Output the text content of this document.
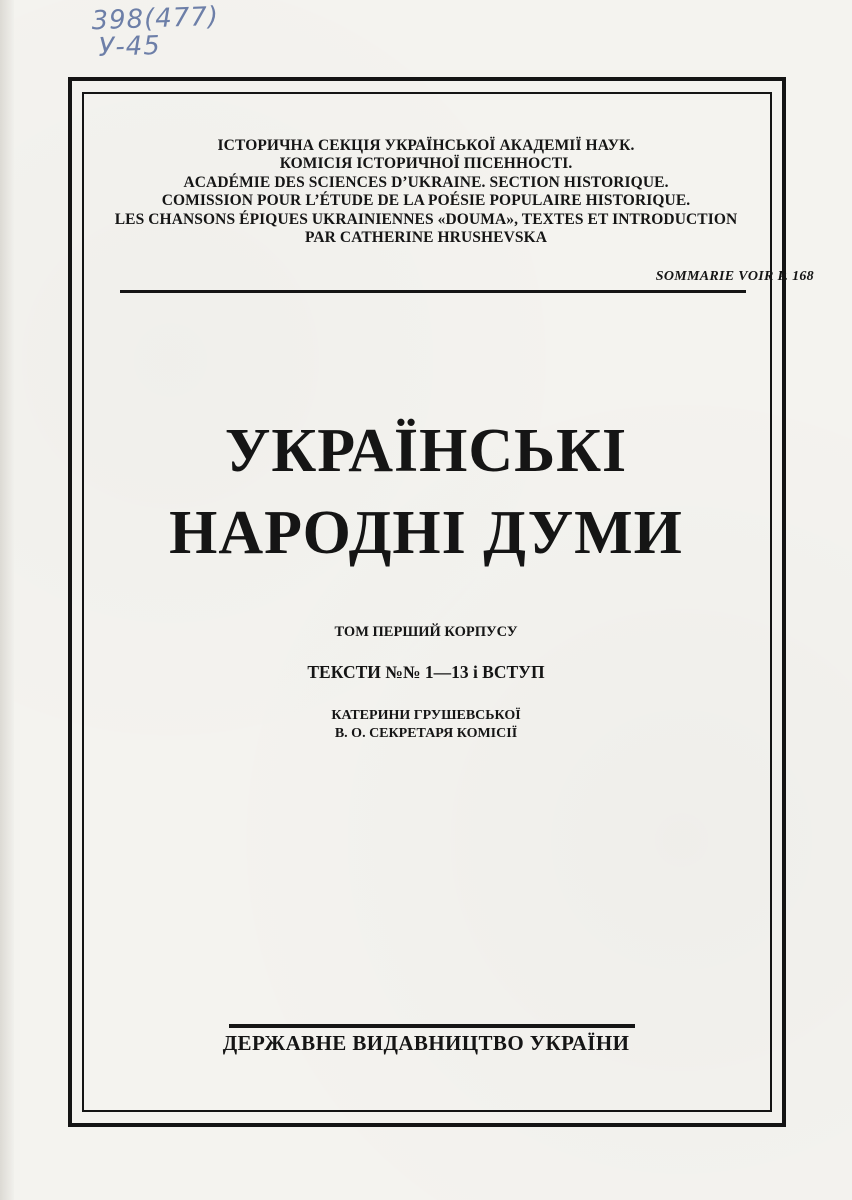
398(477)
У-45
ІСТОРИЧНА СЕКЦІЯ УКРАЇНСЬКОЇ АКАДЕМІЇ НАУК.
КОМІСІЯ ІСТОРИЧНОЇ ПІСЕННОСТІ.
ACADÉMIE DES SCIENCES D’UKRAINE. SECTION HISTORIQUE.
COMISSION POUR L’ÉTUDE DE LA POÉSIE POPULAIRE HISTORIQUE.
LES CHANSONS ÉPIQUES UKRAINIENNES «DOUMA», TEXTES ET INTRODUCTION
PAR CATHERINE HRUSHEVSKA
SOMMARIE VOIR P. 168
УКРАЇНСЬКІ
НАРОДНІ ДУМИ
ТОМ ПЕРШИЙ КОРПУСУ
ТЕКСТИ №№ 1—13 і ВСТУП
КАТЕРИНИ ГРУШЕВСЬКОЇ
В. О. СЕКРЕТАРЯ КОМІСІЇ
ДЕРЖАВНЕ ВИДАВНИЦТВО УКРАЇНИ
